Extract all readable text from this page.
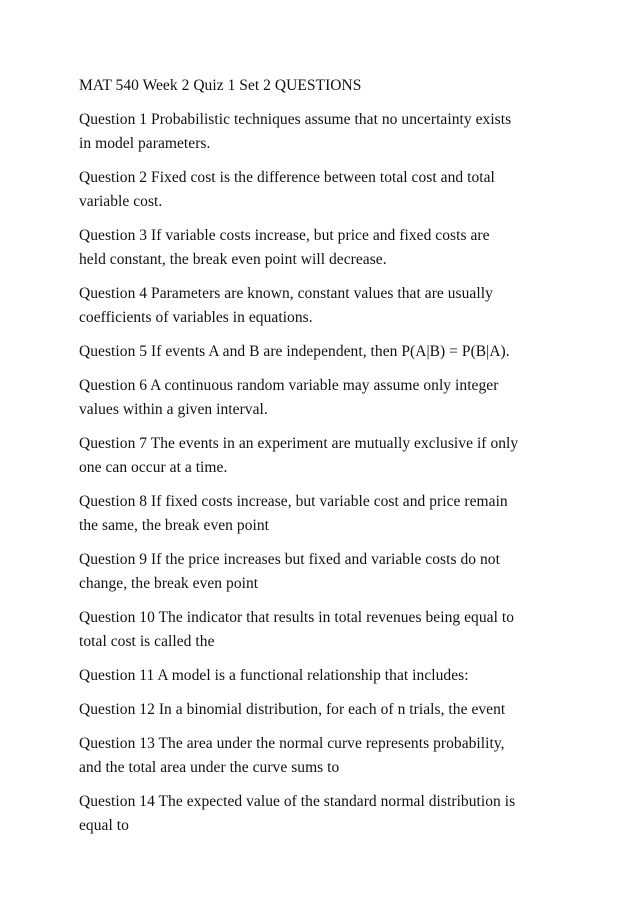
MAT 540 Week 2 Quiz 1 Set 2 QUESTIONS
Question 1 Probabilistic techniques assume that no uncertainty exists
in model parameters.
Question 2 Fixed cost is the difference between total cost and total
variable cost.
Question 3 If variable costs increase, but price and fixed costs are
held constant, the break even point will decrease.
Question 4 Parameters are known, constant values that are usually
coefficients of variables in equations.
Question 5 If events A and B are independent, then P(A|B) = P(B|A).
Question 6 A continuous random variable may assume only integer
values within a given interval.
Question 7 The events in an experiment are mutually exclusive if only
one can occur at a time.
Question 8 If fixed costs increase, but variable cost and price remain
the same, the break even point
Question 9 If the price increases but fixed and variable costs do not
change, the break even point
Question 10 The indicator that results in total revenues being equal to
total cost is called the
Question 11 A model is a functional relationship that includes:
Question 12 In a binomial distribution, for each of n trials, the event
Question 13 The area under the normal curve represents probability,
and the total area under the curve sums to
Question 14 The expected value of the standard normal distribution is
equal to
